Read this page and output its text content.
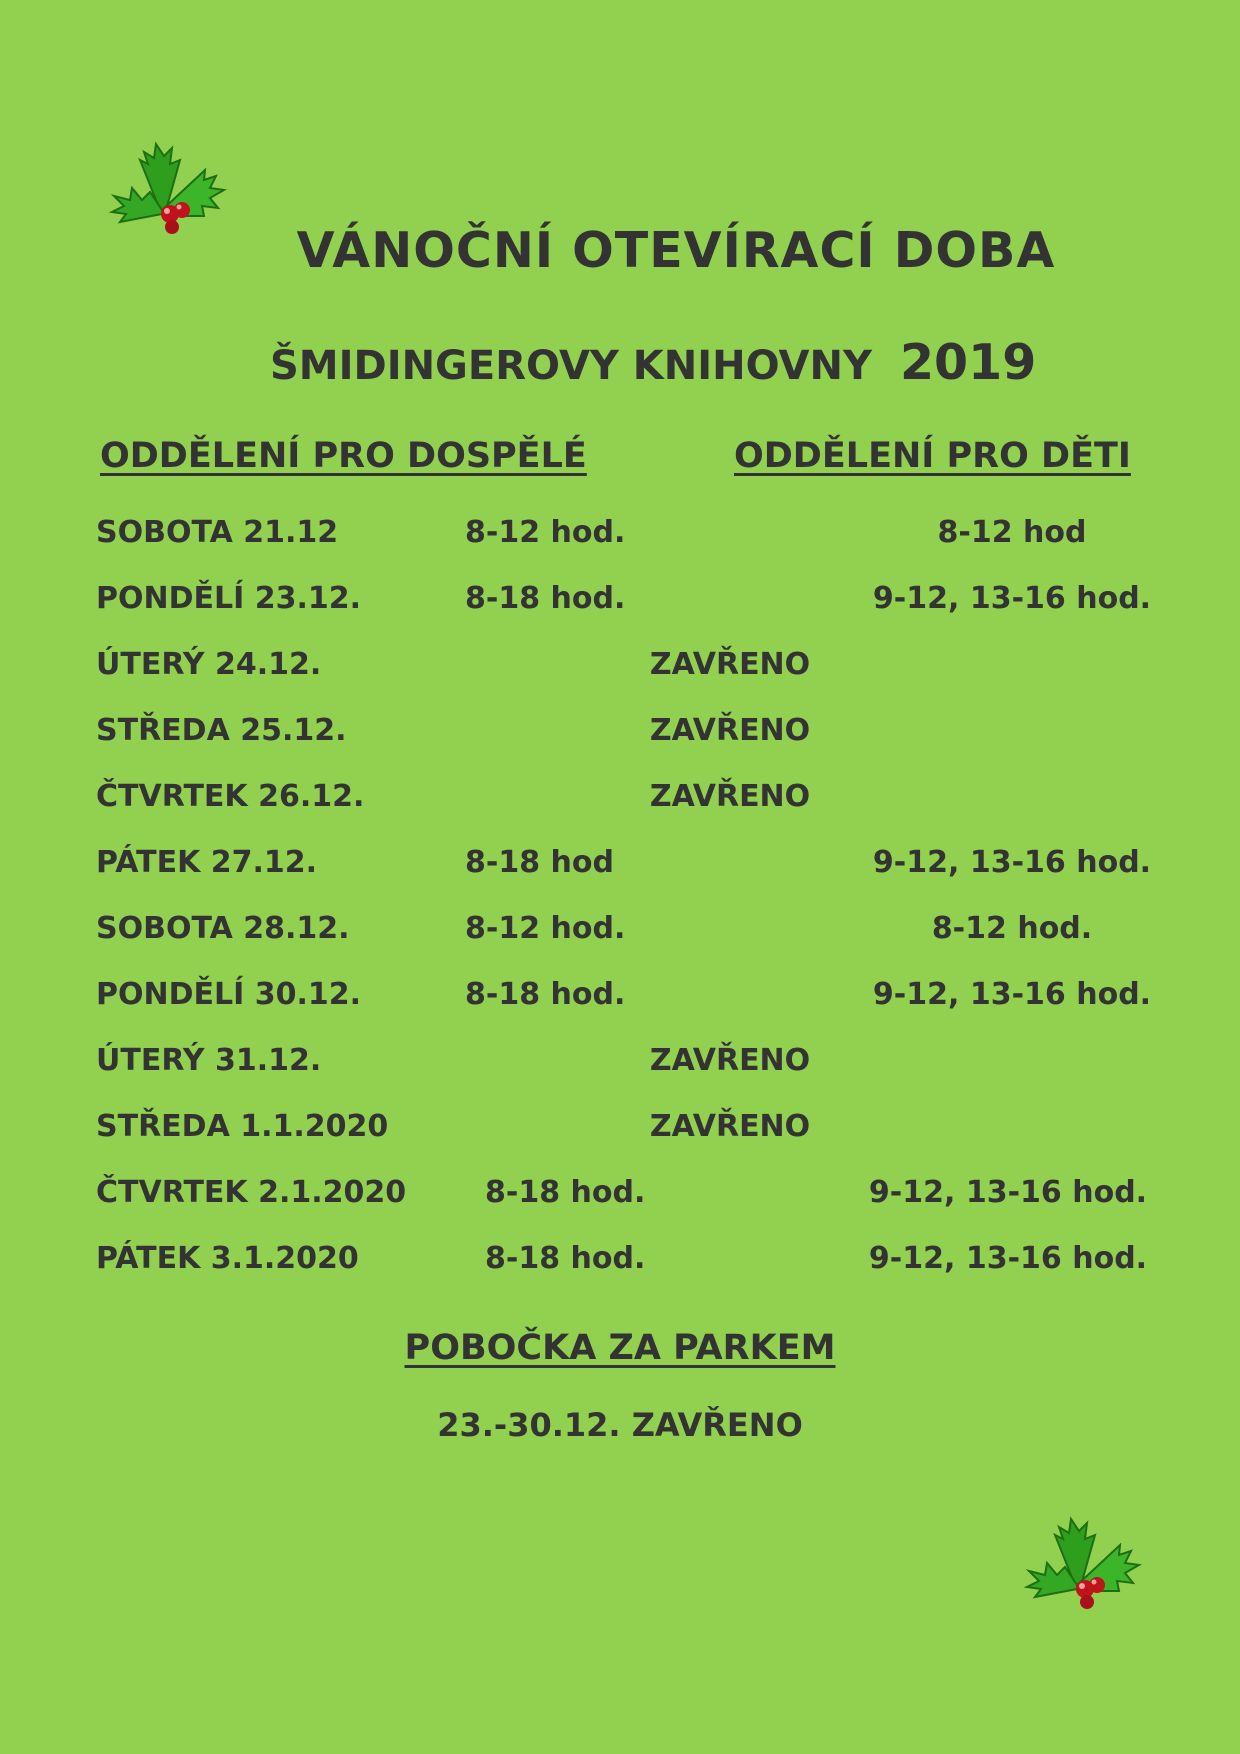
VÁNOČNÍ OTEVÍRACÍ DOBA
ŠMIDINGEROVY KNIHOVNY 2019
ODDĚLENÍ PRO DOSPĚLÉ	ODDĚLENÍ PRO DĚTI
SOBOTA 21.12	8-12 hod.	8-12 hod
PONDĚLÍ 23.12.	8-18 hod.	9-12, 13-16 hod.
ÚTERÝ 24.12.	ZAVŘENO
STŘEDA 25.12.	ZAVŘENO
ČTVRTEK 26.12.	ZAVŘENO
PÁTEK 27.12.	8-18 hod	9-12, 13-16 hod.
SOBOTA 28.12.	8-12 hod.	8-12 hod.
PONDĚLÍ 30.12.	8-18 hod.	9-12, 13-16 hod.
ÚTERÝ 31.12.	ZAVŘENO
STŘEDA 1.1.2020	ZAVŘENO
ČTVRTEK 2.1.2020	8-18 hod.	9-12, 13-16 hod.
PÁTEK 3.1.2020	8-18 hod.	9-12, 13-16 hod.
POBOČKA ZA PARKEM
23.-30.12. ZAVŘENO
